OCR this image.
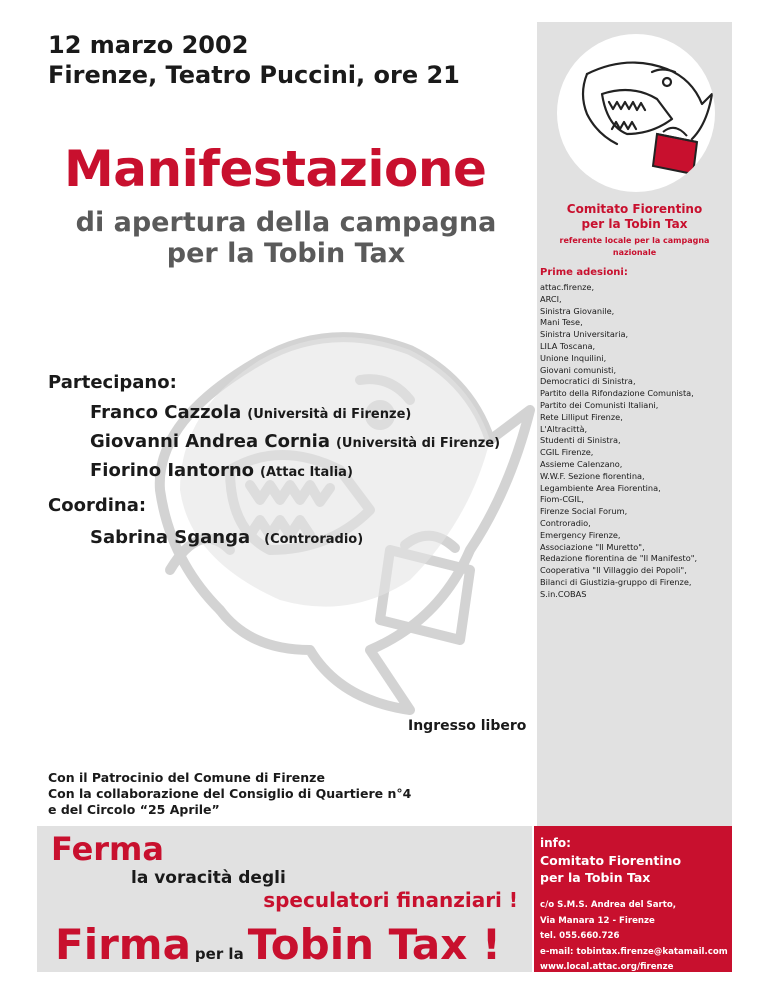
12 marzo 2002
Firenze, Teatro Puccini, ore 21
Manifestazione
di apertura della campagna
per la Tobin Tax
Partecipano:
Franco Cazzola (Università di Firenze)
Giovanni Andrea Cornia (Università di Firenze)
Fiorino Iantorno (Attac Italia)
Coordina:
Sabrina Sganga (Controradio)
Ingresso libero
Con il Patrocinio del Comune di Firenze
Con la collaborazione del Consiglio di Quartiere n°4
e del Circolo “25 Aprile”
Comitato Fiorentino
per la Tobin Tax
referente locale per la campagna nazionale
Prime adesioni:
attac.firenze,
ARCI,
Sinistra Giovanile,
Mani Tese,
Sinistra Universitaria,
LILA Toscana,
Unione Inquilini,
Giovani comunisti,
Democratici di Sinistra,
Partito della Rifondazione Comunista,
Partito dei Comunisti Italiani,
Rete Lilliput Firenze,
L'Altracittà,
Studenti di Sinistra,
CGIL Firenze,
Assieme Calenzano,
W.W.F. Sezione fiorentina,
Legambiente Area Fiorentina,
Fiom-CGIL,
Firenze Social Forum,
Controradio,
Emergency Firenze,
Associazione "Il Muretto",
Redazione fiorentina de "Il Manifesto",
Cooperativa "Il Villaggio dei Popoli",
Bilanci di Giustizia-gruppo di Firenze,
S.in.COBAS
Ferma
la voracità degli
speculatori finanziari !
Firma per laTobin Tax !
info:
Comitato Fiorentino
per la Tobin Tax
c/o S.M.S. Andrea del Sarto,
Via Manara 12 - Firenze
tel. 055.660.726
e-mail: tobintax.firenze@katamail.com
www.local.attac.org/firenze
